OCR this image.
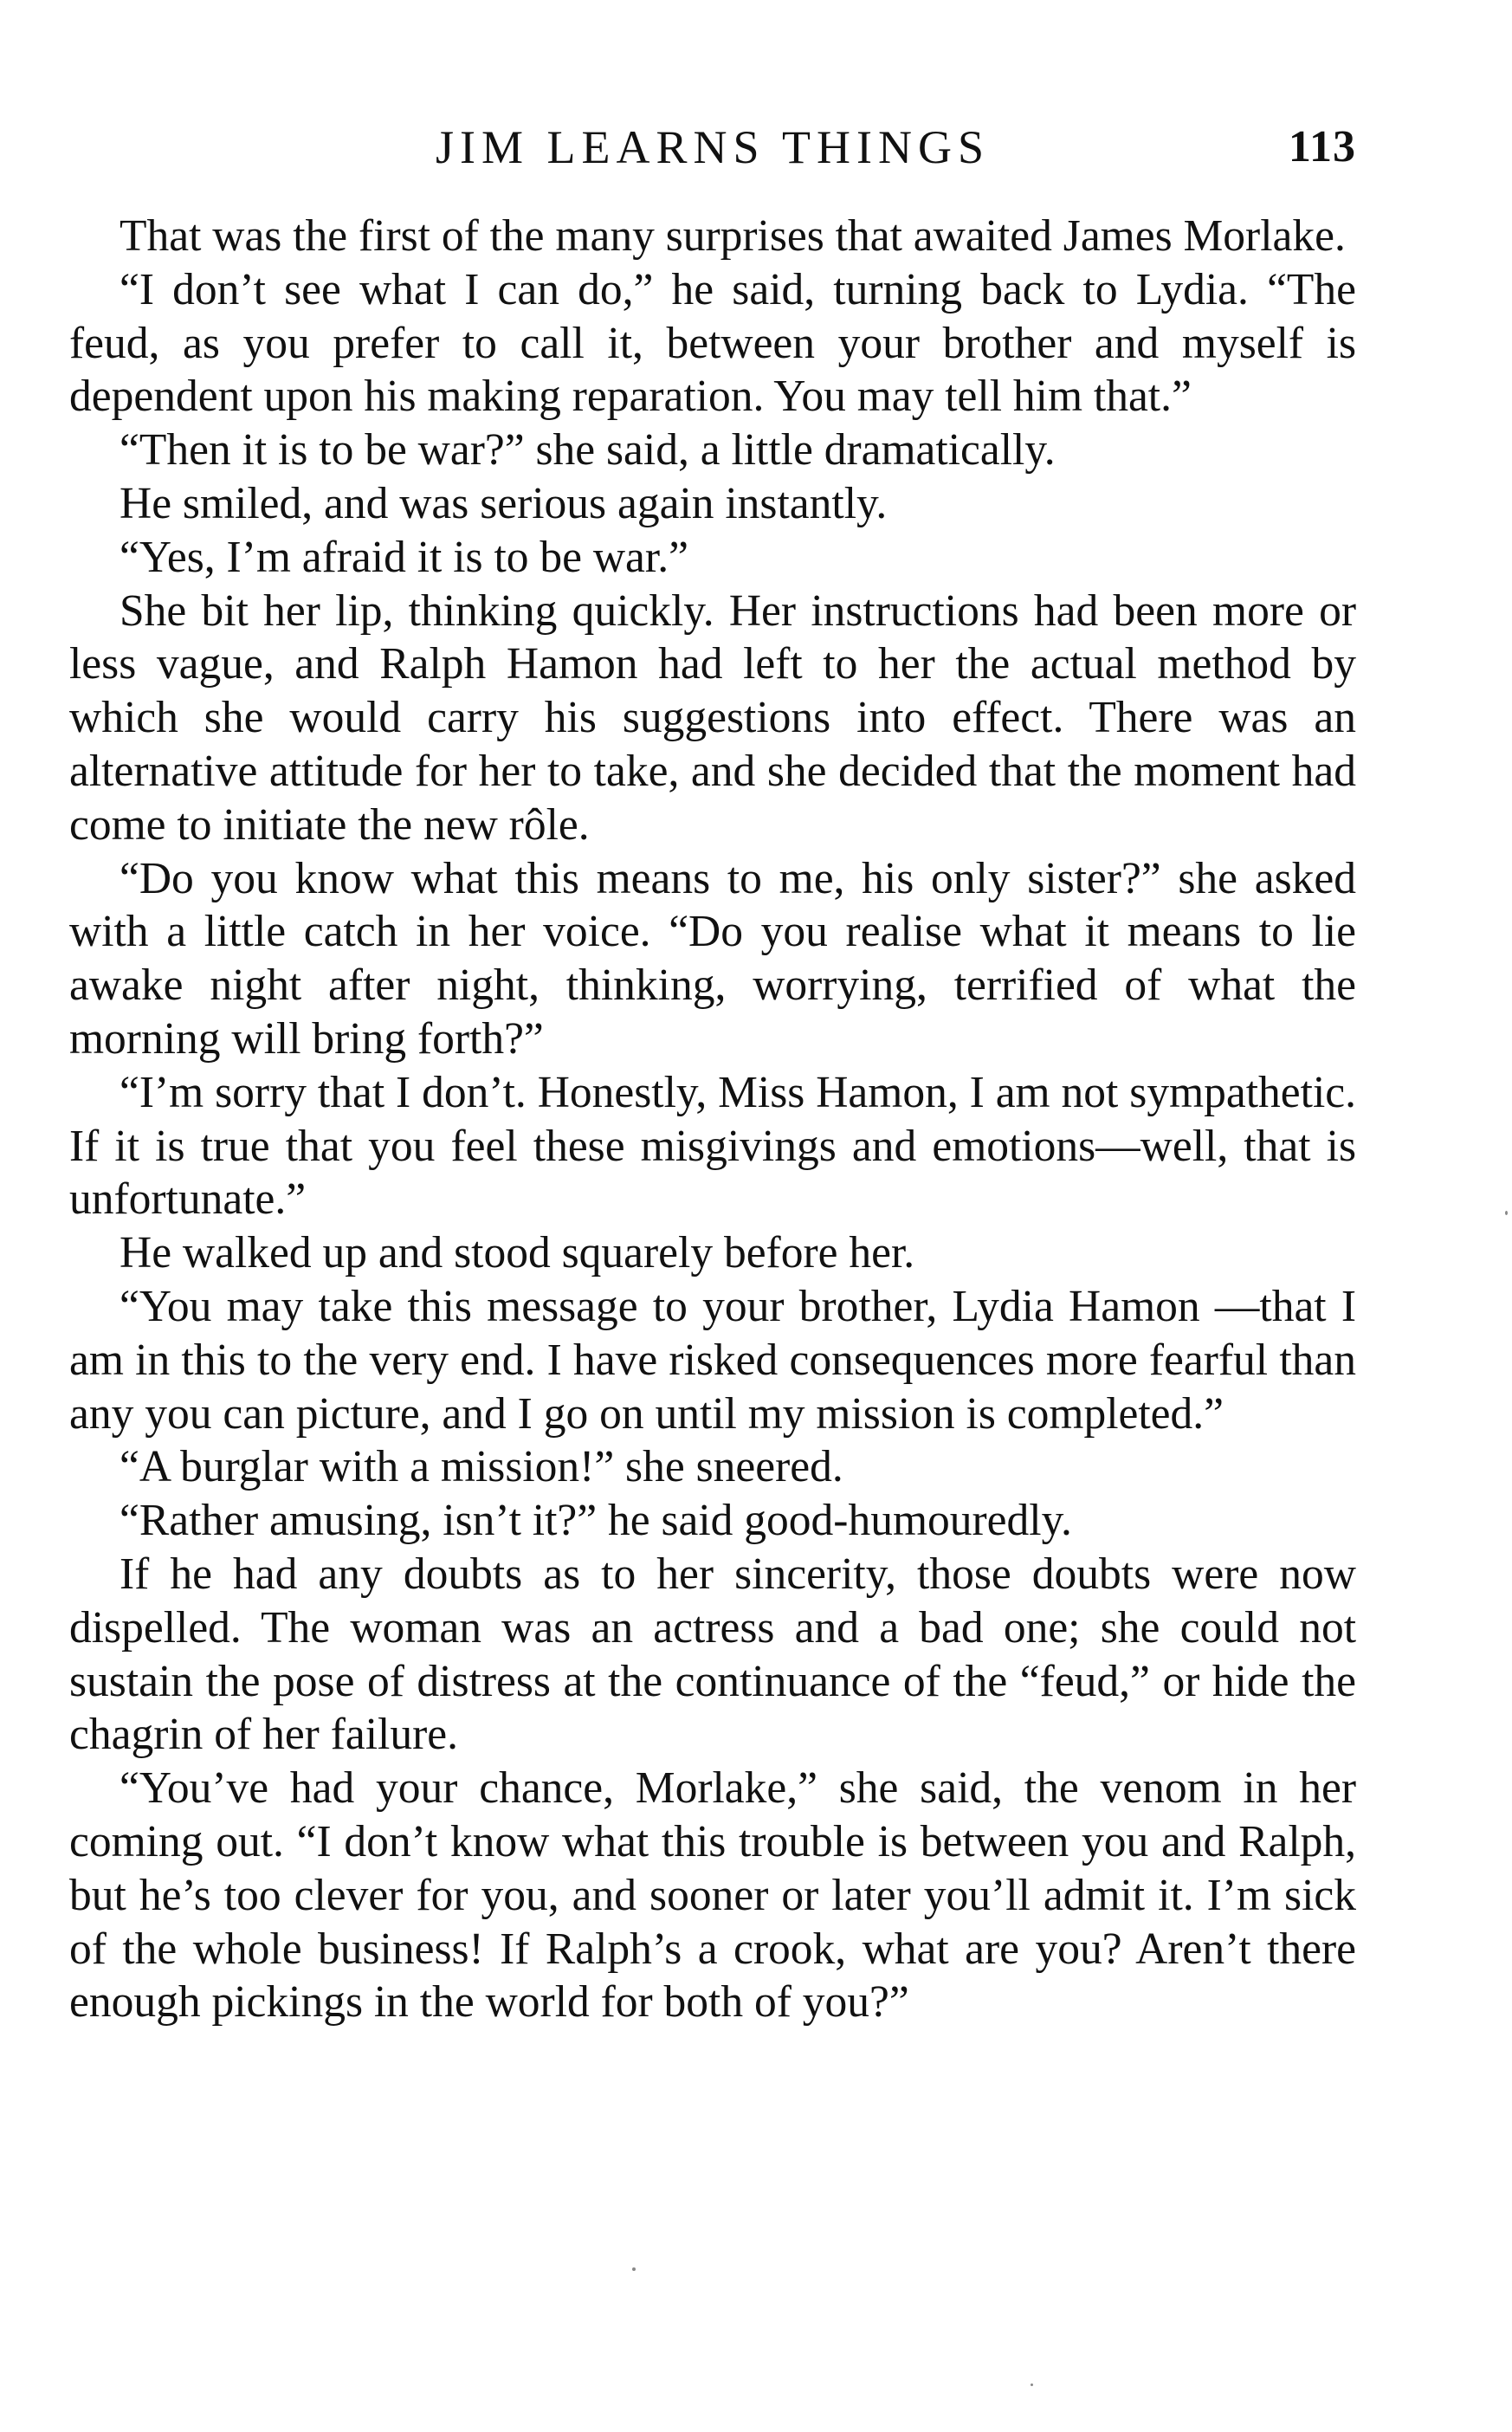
JIM LEARNS THINGS	113

That was the first of the many surprises that awaited James Morlake.

“I don’t see what I can do,” he said, turning back to Lydia. “The feud, as you prefer to call it, between your brother and myself is dependent upon his making reparation. You may tell him that.”

“Then it is to be war?” she said, a little dramatically.

He smiled, and was serious again instantly.

“Yes, I’m afraid it is to be war.”

She bit her lip, thinking quickly. Her instructions had been more or less vague, and Ralph Hamon had left to her the actual method by which she would carry his suggestions into effect. There was an alternative attitude for her to take, and she decided that the moment had come to initiate the new rôle.

“Do you know what this means to me, his only sister?” she asked with a little catch in her voice. “Do you realise what it means to lie awake night after night, thinking, worrying, terrified of what the morning will bring forth?”

“I’m sorry that I don’t. Honestly, Miss Hamon, I am not sympathetic. If it is true that you feel these misgivings and emotions—well, that is unfortunate.”

He walked up and stood squarely before her.

“You may take this message to your brother, Lydia Hamon —that I am in this to the very end. I have risked consequences more fearful than any you can picture, and I go on until my mission is completed.”

“A burglar with a mission!” she sneered.

“Rather amusing, isn’t it?” he said good-humouredly.

If he had any doubts as to her sincerity, those doubts were now dispelled. The woman was an actress and a bad one; she could not sustain the pose of distress at the continuance of the “feud,” or hide the chagrin of her failure.

“You’ve had your chance, Morlake,” she said, the venom in her coming out. “I don’t know what this trouble is between you and Ralph, but he’s too clever for you, and sooner or later you’ll admit it. I’m sick of the whole business! If Ralph’s a crook, what are you? Aren’t there enough pickings in the world for both of you?”
